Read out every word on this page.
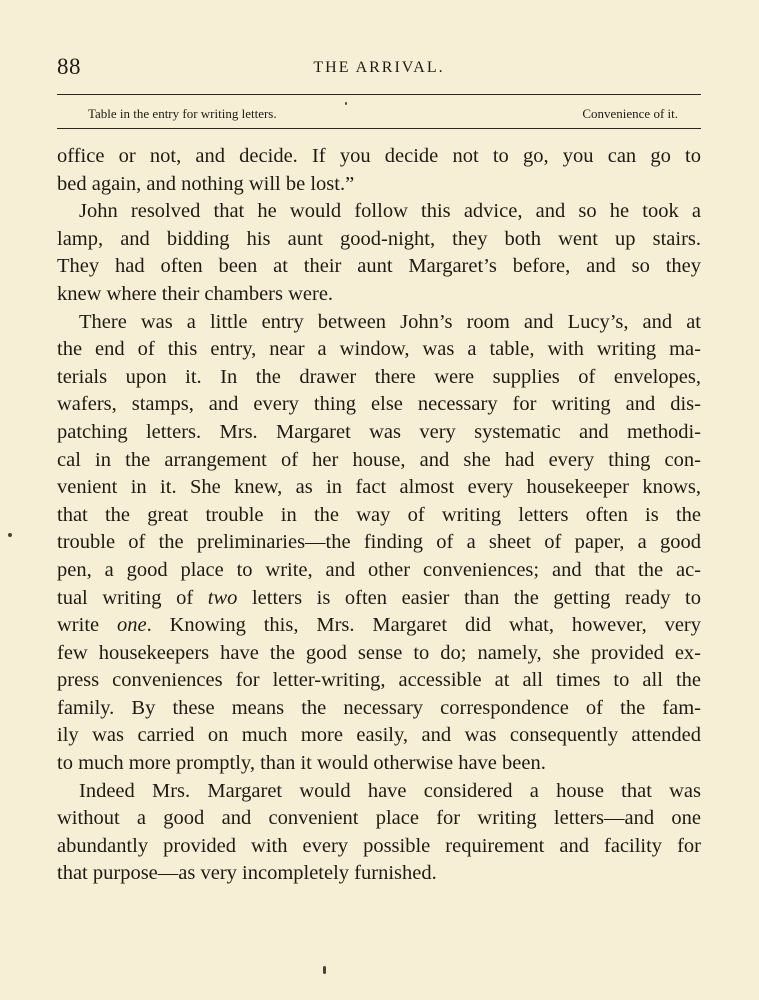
88	THE ARRIVAL.
Table in the entry for writing letters.	Convenience of it.
office or not, and decide. If you decide not to go, you can go to
bed again, and nothing will be lost.”
John resolved that he would follow this advice, and so he took a
lamp, and bidding his aunt good-night, they both went up stairs.
They had often been at their aunt Margaret’s before, and so they
knew where their chambers were.
There was a little entry between John’s room and Lucy’s, and at
the end of this entry, near a window, was a table, with writing ma-
terials upon it. In the drawer there were supplies of envelopes,
wafers, stamps, and every thing else necessary for writing and dis-
patching letters. Mrs. Margaret was very systematic and methodi-
cal in the arrangement of her house, and she had every thing con-
venient in it. She knew, as in fact almost every housekeeper knows,
that the great trouble in the way of writing letters often is the
trouble of the preliminaries—the finding of a sheet of paper, a good
pen, a good place to write, and other conveniences; and that the ac-
tual writing of two letters is often easier than the getting ready to
write one. Knowing this, Mrs. Margaret did what, however, very
few housekeepers have the good sense to do; namely, she provided ex-
press conveniences for letter-writing, accessible at all times to all the
family. By these means the necessary correspondence of the fam-
ily was carried on much more easily, and was consequently attended
to much more promptly, than it would otherwise have been.
Indeed Mrs. Margaret would have considered a house that was
without a good and convenient place for writing letters—and one
abundantly provided with every possible requirement and facility for
that purpose—as very incompletely furnished.
